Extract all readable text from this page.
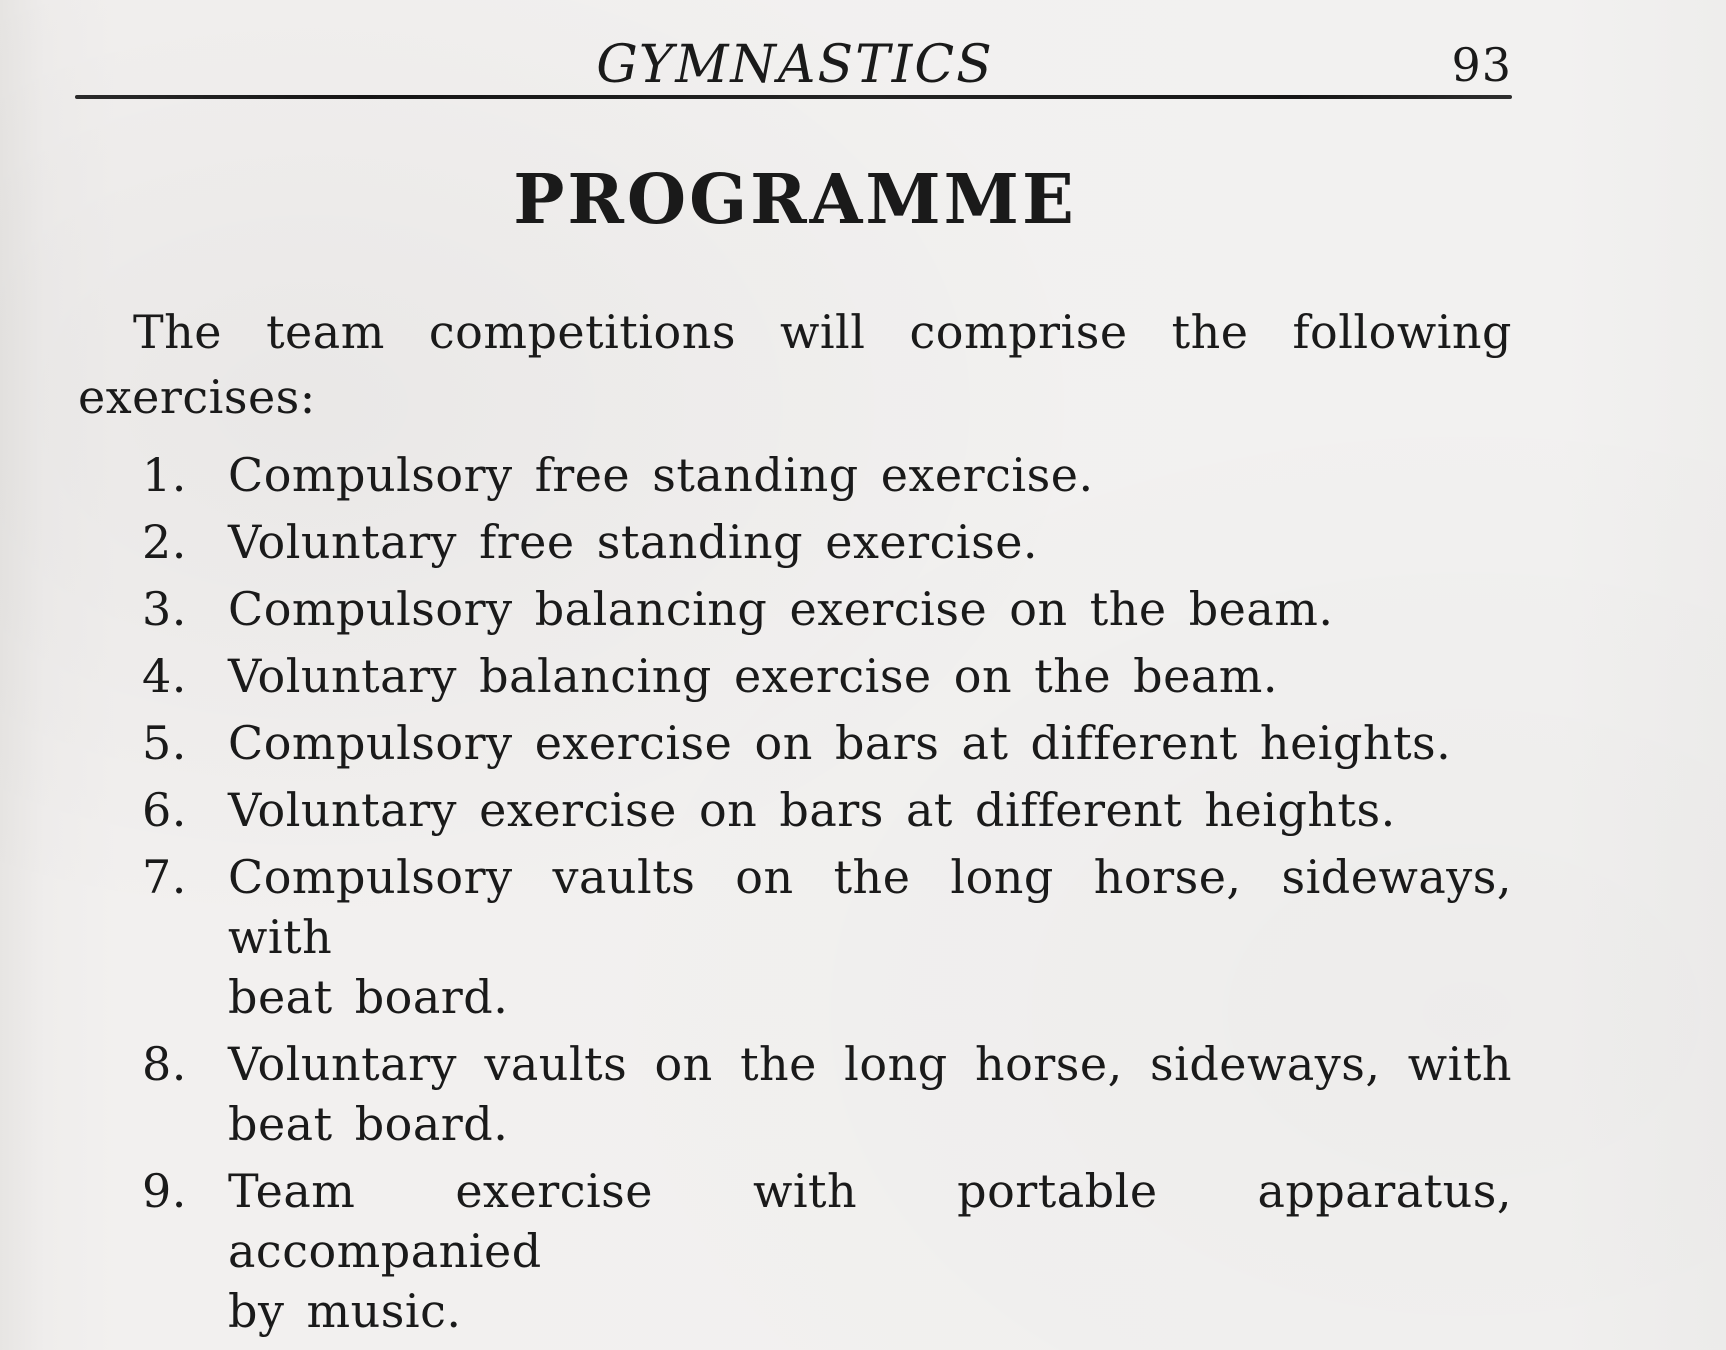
GYMNASTICS	93
PROGRAMME
The team competitions will comprise the following
exercises:
1. Compulsory free standing exercise.
2. Voluntary free standing exercise.
3. Compulsory balancing exercise on the beam.
4. Voluntary balancing exercise on the beam.
5. Compulsory exercise on bars at different heights.
6. Voluntary exercise on bars at different heights.
7. Compulsory vaults on the long horse, sideways, with
beat board.
8. Voluntary vaults on the long horse, sideways, with
beat board.
9. Team exercise with portable apparatus, accompanied
by music.
